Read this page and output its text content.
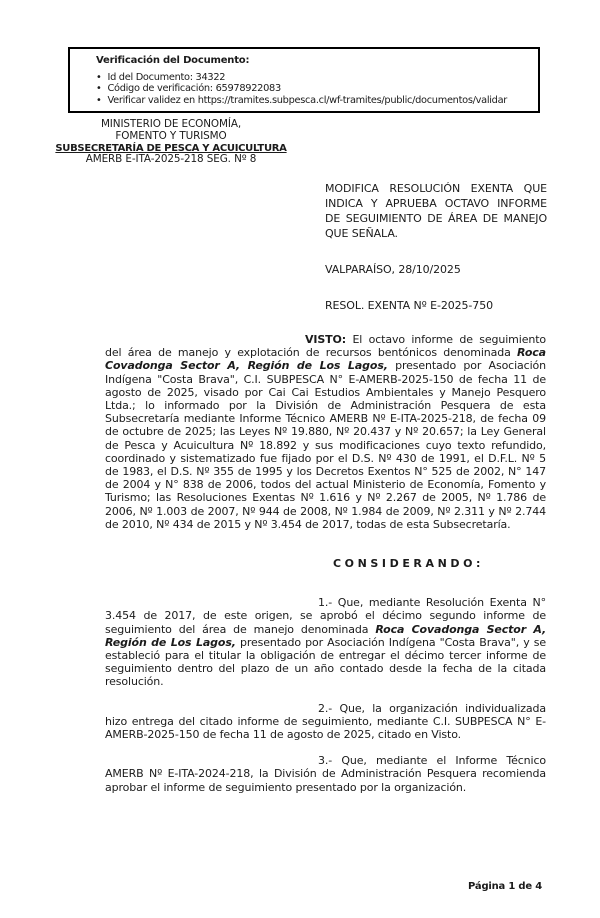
Verificación del Documento:
• Id del Documento: 34322
• Código de verificación: 65978922083
• Verificar validez en https://tramites.subpesca.cl/wf-tramites/public/documentos/validar
MINISTERIO DE ECONOMÍA,
FOMENTO Y TURISMO
SUBSECRETARÍA DE PESCA Y ACUICULTURA
AMERB E-ITA-2025-218 SEG. Nº 8
MODIFICA RESOLUCIÓN EXENTA QUE INDICA Y APRUEBA OCTAVO INFORME DE SEGUIMIENTO DE ÁREA DE MANEJO QUE SEÑALA.
VALPARAÍSO, 28/10/2025
RESOL. EXENTA Nº E-2025-750

VISTO: El octavo informe de seguimiento del área de manejo y explotación de recursos bentónicos denominada Roca Covadonga Sector A, Región de Los Lagos, presentado por Asociación Indígena "Costa Brava", C.I. SUBPESCA N° E-AMERB-2025-150 de fecha 11 de agosto de 2025, visado por Cai Cai Estudios Ambientales y Manejo Pesquero Ltda.; lo informado por la División de Administración Pesquera de esta Subsecretaría mediante Informe Técnico AMERB Nº E-ITA-2025-218, de fecha 09 de octubre de 2025; las Leyes Nº 19.880, Nº 20.437 y Nº 20.657; la Ley General de Pesca y Acuicultura Nº 18.892 y sus modificaciones cuyo texto refundido, coordinado y sistematizado fue fijado por el D.S. Nº 430 de 1991, el D.F.L. Nº 5 de 1983, el D.S. Nº 355 de 1995 y los Decretos Exentos N° 525 de 2002, N° 147 de 2004 y N° 838 de 2006, todos del actual Ministerio de Economía, Fomento y Turismo; las Resoluciones Exentas Nº 1.616 y Nº 2.267 de 2005, Nº 1.786 de 2006, Nº 1.003 de 2007, Nº 944 de 2008, Nº 1.984 de 2009, Nº 2.311 y Nº 2.744 de 2010, Nº 434 de 2015 y Nº 3.454 de 2017, todas de esta Subsecretaría.

C O N S I D E R A N D O :

1.- Que, mediante Resolución Exenta N° 3.454 de 2017, de este origen, se aprobó el décimo segundo informe de seguimiento del área de manejo denominada Roca Covadonga Sector A, Región de Los Lagos, presentado por Asociación Indígena "Costa Brava", y se estableció para el titular la obligación de entregar el décimo tercer informe de seguimiento dentro del plazo de un año contado desde la fecha de la citada resolución.

2.- Que, la organización individualizada hizo entrega del citado informe de seguimiento, mediante C.I. SUBPESCA N° E-AMERB-2025-150 de fecha 11 de agosto de 2025, citado en Visto.

3.- Que, mediante el Informe Técnico AMERB Nº E-ITA-2024-218, la División de Administración Pesquera recomienda aprobar el informe de seguimiento presentado por la organización.

Página 1 de 4
